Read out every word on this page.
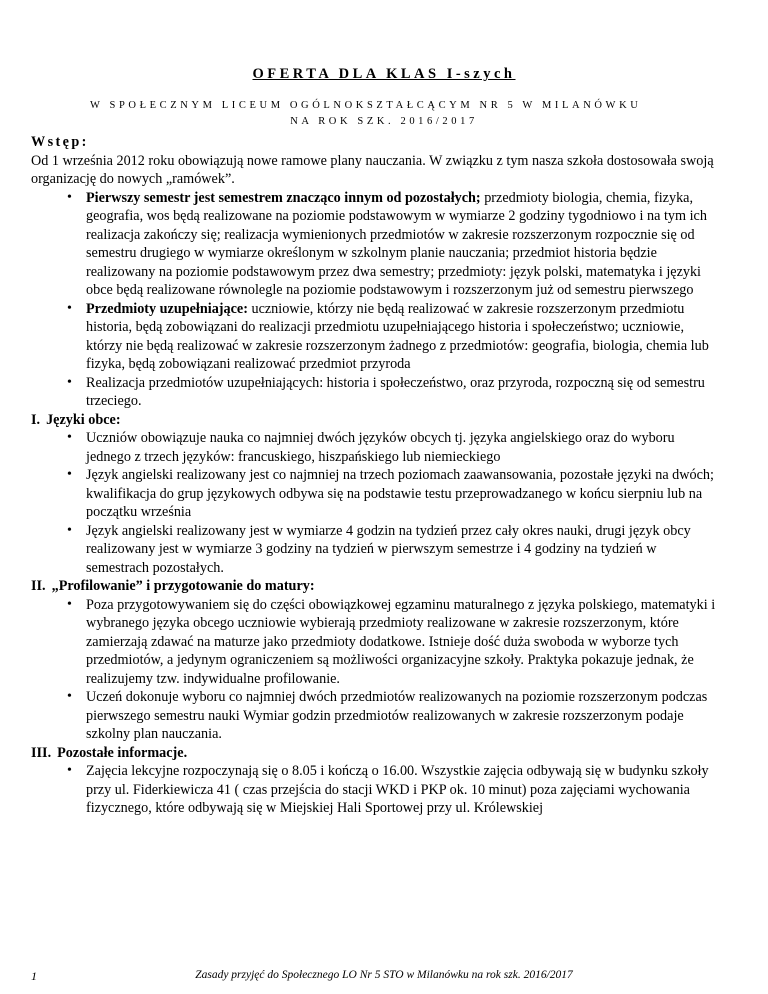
OFERTA DLA KLAS I-szych
W SPOŁECZNYM LICEUM OGÓLNOKSZTAŁCĄCYM NR 5 W MILANÓWKU
NA ROK SZK. 2016/2017
Wstęp:
Od 1 września 2012 roku obowiązują nowe ramowe plany nauczania. W związku z tym nasza szkoła dostosowała swoją organizację do nowych „ramówek”.
• Pierwszy semestr jest semestrem znacząco innym od pozostałych; przedmioty biologia, chemia, fizyka, geografia, wos będą realizowane na poziomie podstawowym w wymiarze 2 godziny tygodniowo i na tym ich realizacja zakończy się; realizacja wymienionych przedmiotów w zakresie rozszerzonym rozpocznie się od semestru drugiego w wymiarze określonym w szkolnym planie nauczania; przedmiot historia będzie realizowany na poziomie podstawowym przez dwa semestry; przedmioty: język polski, matematyka i języki obce będą realizowane równolegle na poziomie podstawowym i rozszerzonym już od semestru pierwszego
• Przedmioty uzupełniające: uczniowie, którzy nie będą realizować w zakresie rozszerzonym przedmiotu historia, będą zobowiązani do realizacji przedmiotu uzupełniającego historia i społeczeństwo; uczniowie, którzy nie będą realizować w zakresie rozszerzonym żadnego z przedmiotów: geografia, biologia, chemia lub fizyka, będą zobowiązani realizować przedmiot przyroda
• Realizacja przedmiotów uzupełniających: historia i społeczeństwo, oraz przyroda, rozpoczną się od semestru trzeciego.
I. Języki obce:
• Uczniów obowiązuje nauka co najmniej dwóch języków obcych tj. języka angielskiego oraz do wyboru jednego z trzech języków: francuskiego, hiszpańskiego lub niemieckiego
• Język angielski realizowany jest co najmniej na trzech poziomach zaawansowania, pozostałe języki na dwóch; kwalifikacja do grup językowych odbywa się na podstawie testu przeprowadzanego w końcu sierpniu lub na początku września
• Język angielski realizowany jest w wymiarze 4 godzin na tydzień przez cały okres nauki, drugi język obcy realizowany jest w wymiarze 3 godziny na tydzień w pierwszym semestrze i 4 godziny na tydzień w semestrach pozostałych.
II. „Profilowanie” i przygotowanie do matury:
• Poza przygotowywaniem się do części obowiązkowej egzaminu maturalnego z języka polskiego, matematyki i wybranego języka obcego uczniowie wybierają przedmioty realizowane w zakresie rozszerzonym, które zamierzają zdawać na maturze jako przedmioty dodatkowe. Istnieje dość duża swoboda w wyborze tych przedmiotów, a jedynym ograniczeniem są możliwości organizacyjne szkoły. Praktyka pokazuje jednak, że realizujemy tzw. indywidualne profilowanie.
• Uczeń dokonuje wyboru co najmniej dwóch przedmiotów realizowanych na poziomie rozszerzonym podczas pierwszego semestru nauki Wymiar godzin przedmiotów realizowanych w zakresie rozszerzonym podaje szkolny plan nauczania.
III. Pozostałe informacje.
• Zajęcia lekcyjne rozpoczynają się o 8.05 i kończą o 16.00. Wszystkie zajęcia odbywają się w budynku szkoły przy ul. Fiderkiewicza 41 ( czas przejścia do stacji WKD i PKP ok. 10 minut) poza zajęciami wychowania fizycznego, które odbywają się w Miejskiej Hali Sportowej przy ul. Królewskiej
1	Zasady przyjęć do Społecznego LO Nr 5 STO w Milanówku na rok szk. 2016/2017
